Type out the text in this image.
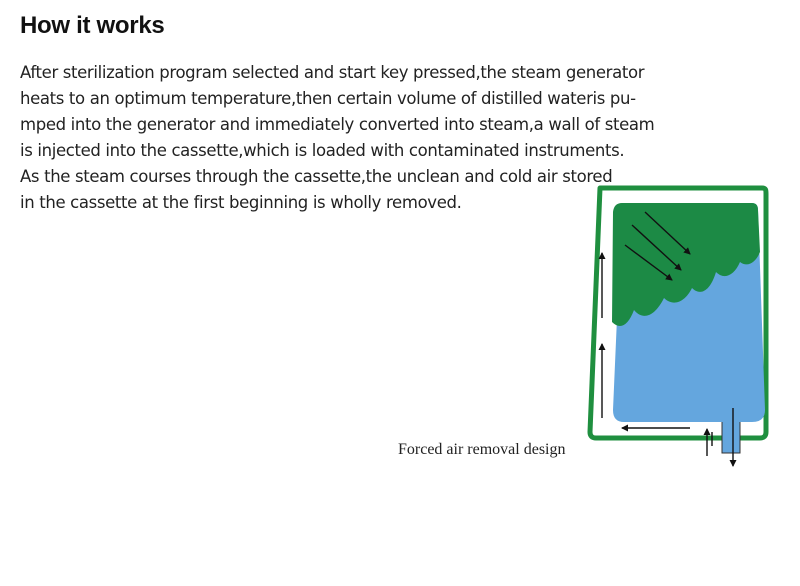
How it works
After sterilization program selected and start key pressed,the steam generator
heats to an optimum temperature,then certain volume of distilled wateris pu-
mped into the generator and immediately converted into steam,a wall of steam
is injected into the cassette,which is loaded with contaminated instruments.
As the steam courses through the cassette,the unclean and cold air stored
in the cassette at the first beginning is wholly removed.

Forced air removal design
